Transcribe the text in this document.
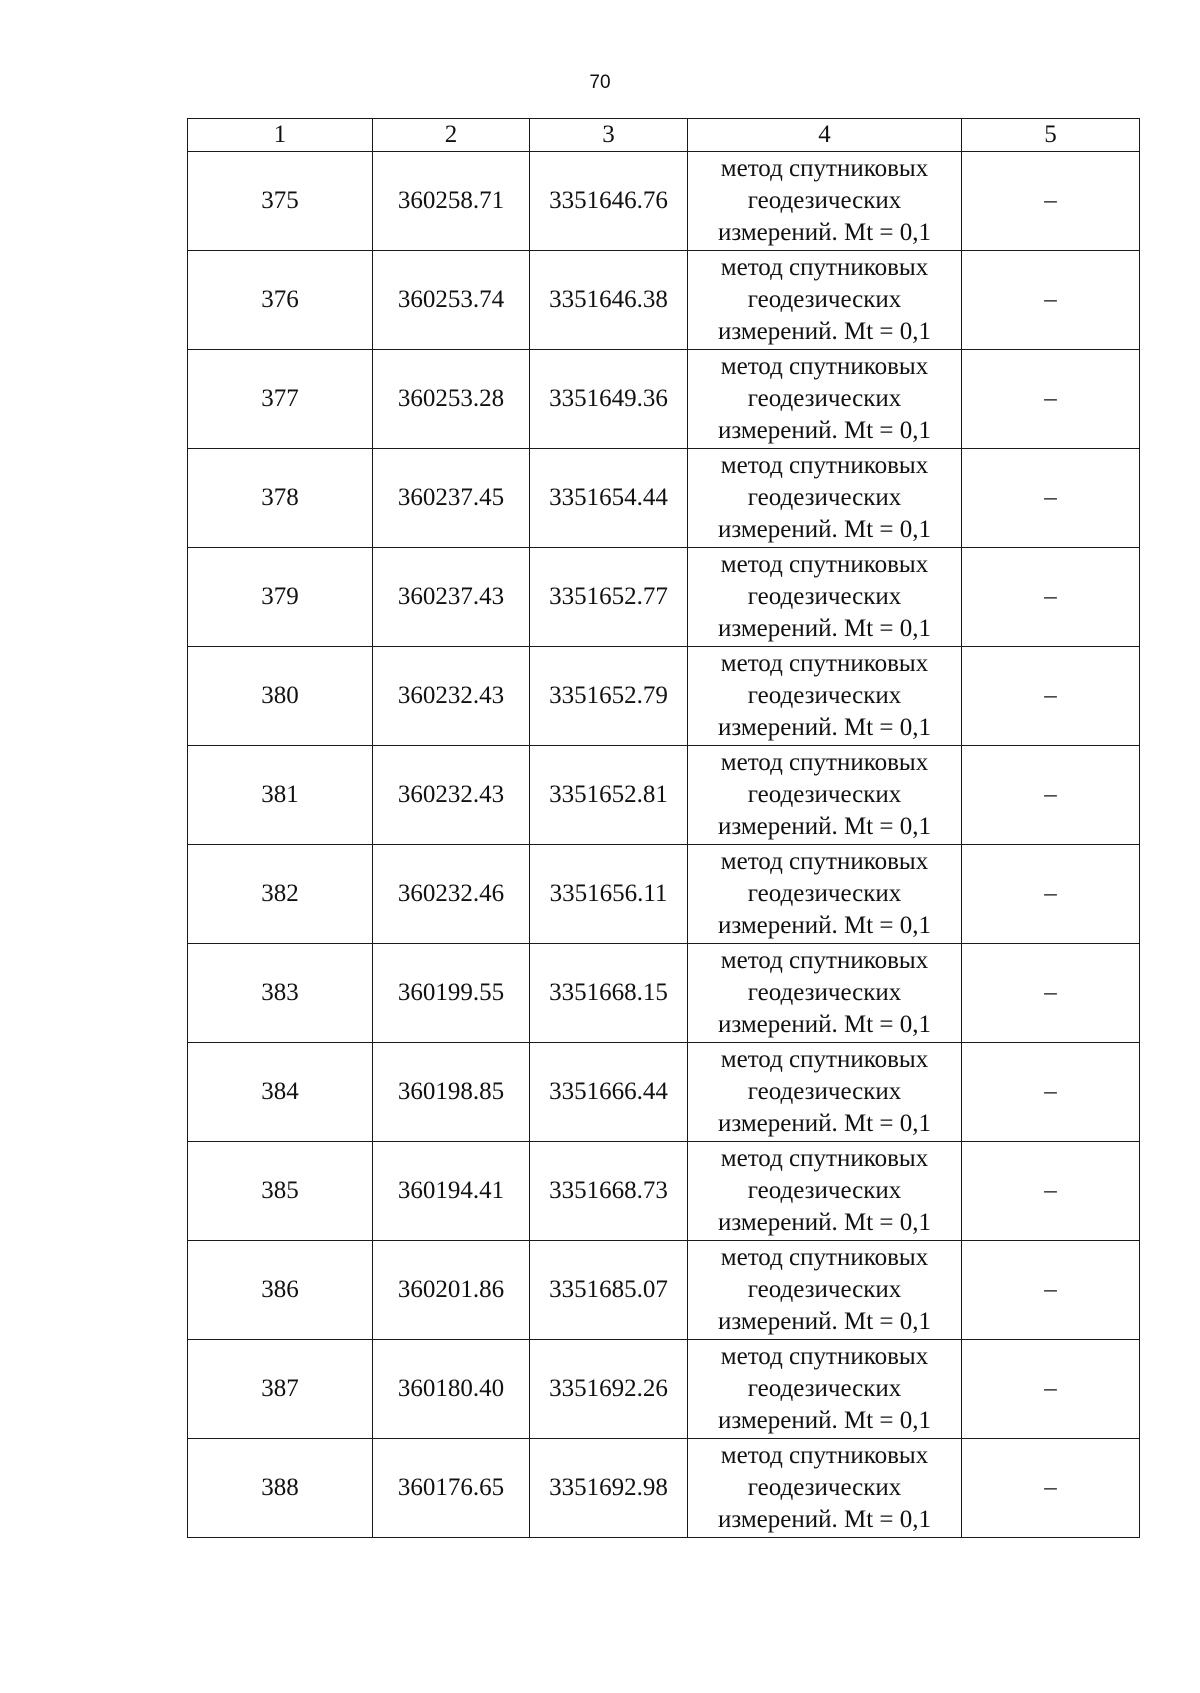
70
1	2	3	4	5
375	360258.71	3351646.76	метод спутниковых
геодезических
измерений. Mt = 0,1	–
376	360253.74	3351646.38	метод спутниковых
геодезических
измерений. Mt = 0,1	–
377	360253.28	3351649.36	метод спутниковых
геодезических
измерений. Mt = 0,1	–
378	360237.45	3351654.44	метод спутниковых
геодезических
измерений. Mt = 0,1	–
379	360237.43	3351652.77	метод спутниковых
геодезических
измерений. Mt = 0,1	–
380	360232.43	3351652.79	метод спутниковых
геодезических
измерений. Mt = 0,1	–
381	360232.43	3351652.81	метод спутниковых
геодезических
измерений. Mt = 0,1	–
382	360232.46	3351656.11	метод спутниковых
геодезических
измерений. Mt = 0,1	–
383	360199.55	3351668.15	метод спутниковых
геодезических
измерений. Mt = 0,1	–
384	360198.85	3351666.44	метод спутниковых
геодезических
измерений. Mt = 0,1	–
385	360194.41	3351668.73	метод спутниковых
геодезических
измерений. Mt = 0,1	–
386	360201.86	3351685.07	метод спутниковых
геодезических
измерений. Mt = 0,1	–
387	360180.40	3351692.26	метод спутниковых
геодезических
измерений. Mt = 0,1	–
388	360176.65	3351692.98	метод спутниковых
геодезических
измерений. Mt = 0,1	–
